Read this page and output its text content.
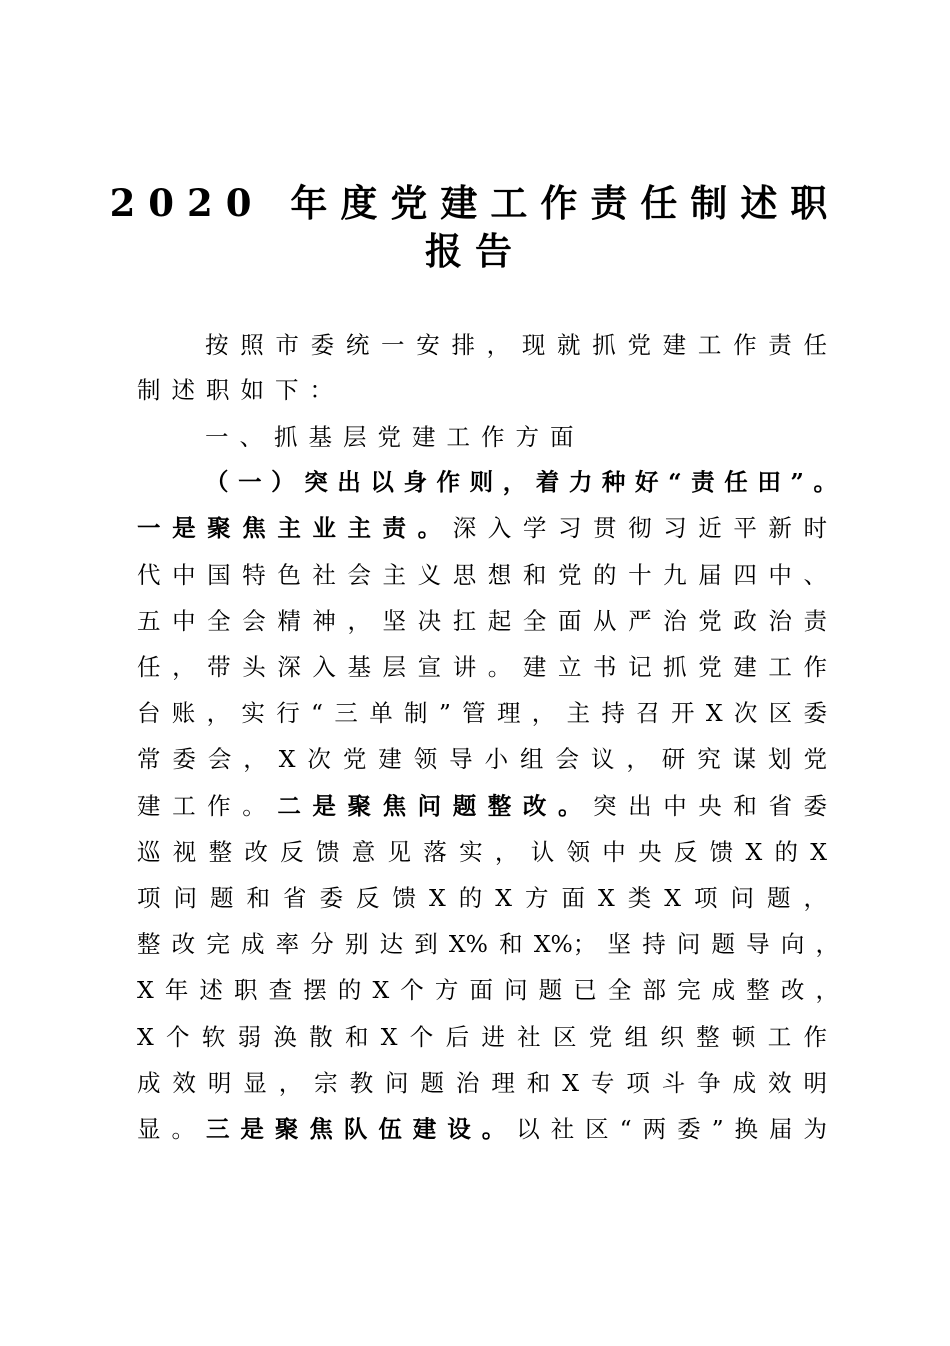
2020 年度党建工作责任制述职
报告
按照市委统一安排，现就抓党建工作责任
制述职如下：
一、抓基层党建工作方面
（一）突出以身作则，着力种好“责任田”。
一是聚焦主业主责。深入学习贯彻习近平新时
代中国特色社会主义思想和党的十九届四中、
五中全会精神，坚决扛起全面从严治党政治责
任，带头深入基层宣讲。建立书记抓党建工作
台账，实行“三单制”管理，主持召开X次区委
常委会，X次党建领导小组会议，研究谋划党
建工作。二是聚焦问题整改。突出中央和省委
巡视整改反馈意见落实，认领中央反馈X的X
项问题和省委反馈X的X方面X类X项问题，
整改完成率分别达到X%和X%；坚持问题导向，
X年述职查摆的X个方面问题已全部完成整改，
X个软弱涣散和X个后进社区党组织整顿工作
成效明显，宗教问题治理和X专项斗争成效明
显。三是聚焦队伍建设。以社区“两委”换届为
